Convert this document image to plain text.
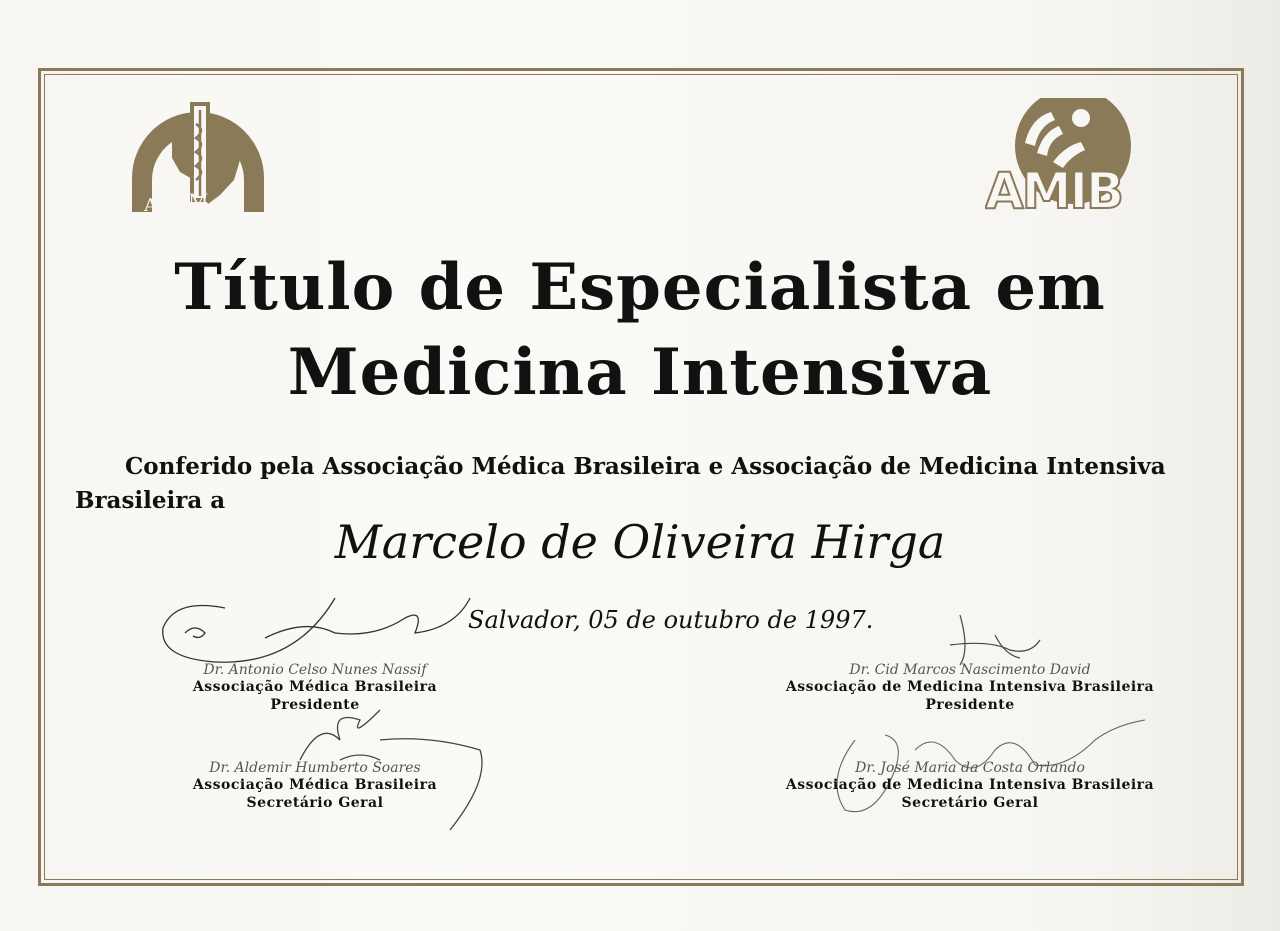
A M B	AMIB
Título de Especialista em
Medicina Intensiva

Conferido pela Associação Médica Brasileira e Associação de Medicina Intensiva Brasileira a

Marcelo de Oliveira Hirga
Salvador, 05 de outubro de 1997.
Dr. Antonio Celso Nunes Nassif
Associação Médica Brasileira
Presidente
Dr. Cid Marcos Nascimento David
Associação de Medicina Intensiva Brasileira
Presidente
Dr. Aldemir Humberto Soares
Associação Médica Brasileira
Secretário Geral
Dr. José Maria da Costa Orlando
Associação de Medicina Intensiva Brasileira
Secretário Geral
